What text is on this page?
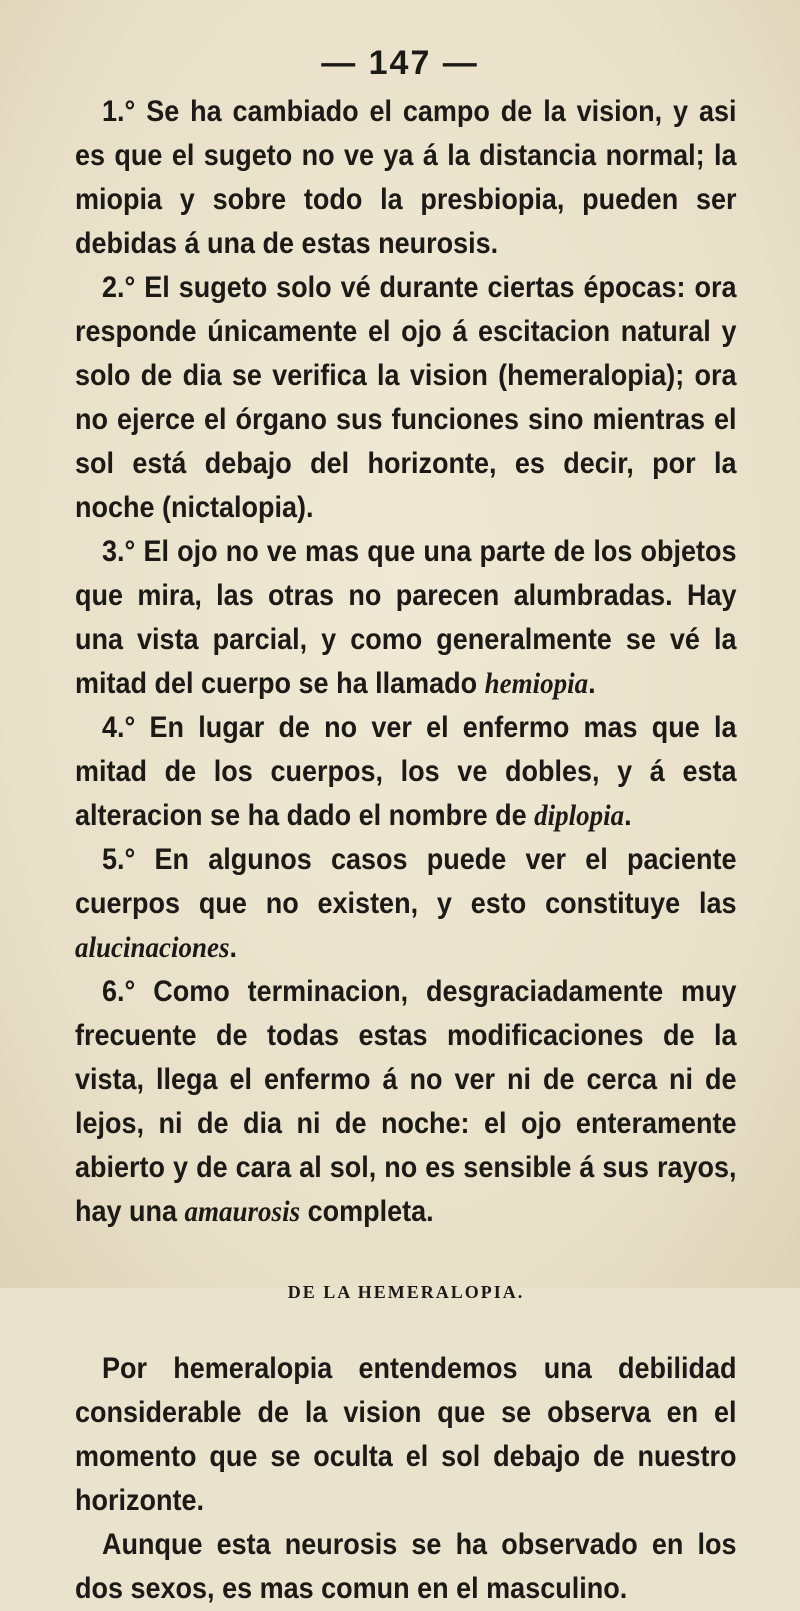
— 147 —

1.° Se ha cambiado el campo de la vision, y asi es que el sugeto no ve ya á la distancia normal; la miopia y sobre todo la presbiopia, pueden ser debidas á una de estas neurosis.

2.° El sugeto solo vé durante ciertas épocas: ora responde únicamente el ojo á escitacion natural y solo de dia se verifica la vision (hemeralopia); ora no ejerce el órgano sus funciones sino mientras el sol está debajo del horizonte, es decir, por la noche (nictalopia).

3.° El ojo no ve mas que una parte de los objetos que mira, las otras no parecen alumbradas. Hay una vista parcial, y como generalmente se vé la mitad del cuerpo se ha llamado hemiopia.

4.° En lugar de no ver el enfermo mas que la mitad de los cuerpos, los ve dobles, y á esta alteracion se ha dado el nombre de diplopia.

5.° En algunos casos puede ver el paciente cuerpos que no existen, y esto constituye las alucinaciones.

6.° Como terminacion, desgraciadamente muy frecuente de todas estas modificaciones de la vista, llega el enfermo á no ver ni de cerca ni de lejos, ni de dia ni de noche: el ojo enteramente abierto y de cara al sol, no es sensible á sus rayos, hay una amaurosis completa.

DE LA HEMERALOPIA.

Por hemeralopia entendemos una debilidad considerable de la vision que se observa en el momento que se oculta el sol debajo de nuestro horizonte.

Aunque esta neurosis se ha observado en los dos sexos, es mas comun en el masculino.
